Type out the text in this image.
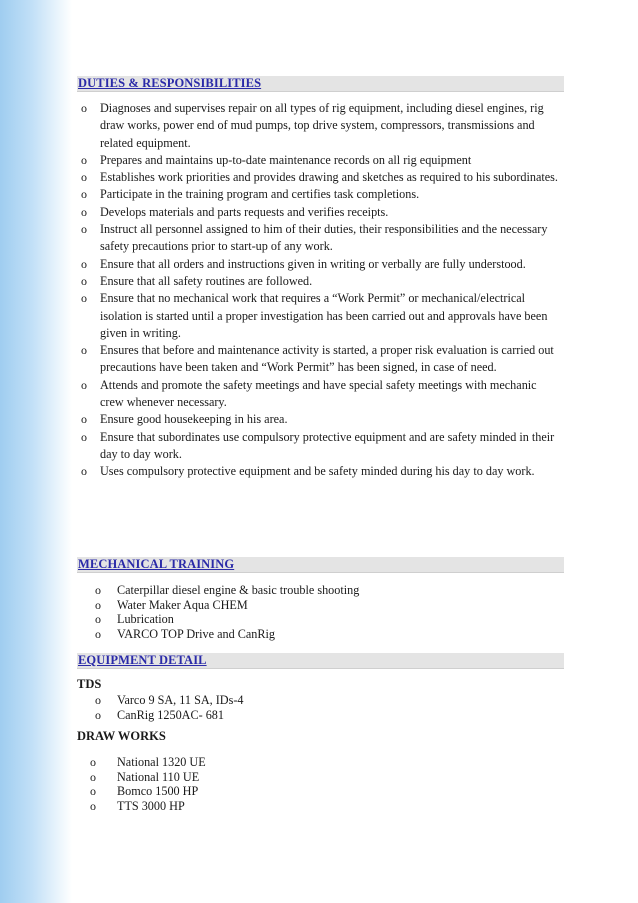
DUTIES & RESPONSIBILITIES
o Diagnoses and supervises repair on all types of rig equipment, including diesel engines, rig draw works, power end of mud pumps, top drive system, compressors, transmissions and related equipment.
o Prepares and maintains up-to-date maintenance records on all rig equipment
o Establishes work priorities and provides drawing and sketches as required to his subordinates.
o Participate in the training program and certifies task completions.
o Develops materials and parts requests and verifies receipts.
o Instruct all personnel assigned to him of their duties, their responsibilities and the necessary safety precautions prior to start-up of any work.
o Ensure that all orders and instructions given in writing or verbally are fully understood.
o Ensure that all safety routines are followed.
o Ensure that no mechanical work that requires a “Work Permit” or mechanical/electrical isolation is started until a proper investigation has been carried out and approvals have been given in writing.
o Ensures that before and maintenance activity is started, a proper risk evaluation is carried out precautions have been taken and “Work Permit” has been signed, in case of need.
o Attends and promote the safety meetings and have special safety meetings with mechanic crew whenever necessary.
o Ensure good housekeeping in his area.
o Ensure that subordinates use compulsory protective equipment and are safety minded in their day to day work.
o Uses compulsory protective equipment and be safety minded during his day to day work.
MECHANICAL TRAINING
o Caterpillar diesel engine & basic trouble shooting
o Water Maker Aqua CHEM
o Lubrication
o VARCO TOP Drive and CanRig
EQUIPMENT DETAIL
TDS
o Varco 9 SA, 11 SA, IDs-4
o CanRig 1250AC- 681
DRAW WORKS
o National 1320 UE
o National 110 UE
o Bomco 1500 HP
o TTS 3000 HP
